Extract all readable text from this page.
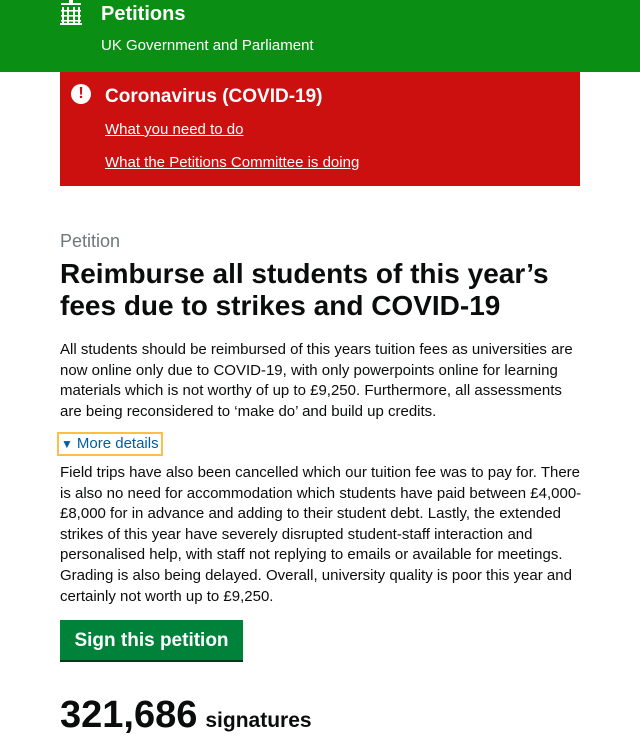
Petitions
UK Government and Parliament
!	Coronavirus (COVID-19)
What you need to do
What the Petitions Committee is doing
Petition
Reimburse all students of this year’s fees due to strikes and COVID-19

All students should be reimbursed of this years tuition fees as universities are now online only due to COVID-19, with only powerpoints online for learning materials which is not worthy of up to £9,250. Furthermore, all assessments are being reconsidered to ‘make do’ and build up credits.

▼ More details

Field trips have also been cancelled which our tuition fee was to pay for. There is also no need for accommodation which students have paid between £4,000-£8,000 for in advance and adding to their student debt. Lastly, the extended strikes of this year have severely disrupted student-staff interaction and personalised help, with staff not replying to emails or available for meetings. Grading is also being delayed. Overall, university quality is poor this year and certainly not worth up to £9,250.

Sign this petition
321,686 signatures
